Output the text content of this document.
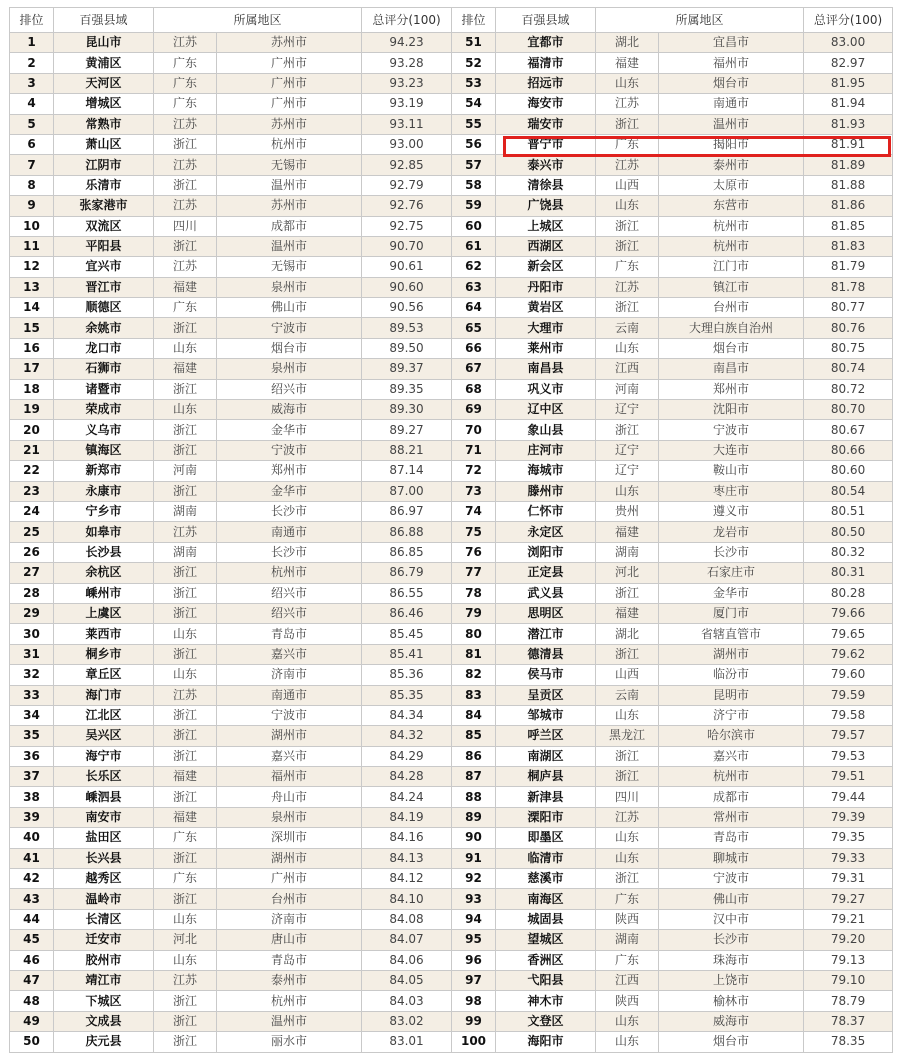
排位	百强县域	所属地区		总评分(100)	排位	百强县域	所属地区		总评分(100)
1	昆山市	江苏	苏州市	94.23	51	宜都市	湖北	宜昌市	83.00
2	黄浦区	广东	广州市	93.28	52	福清市	福建	福州市	82.97
3	天河区	广东	广州市	93.23	53	招远市	山东	烟台市	81.95
4	增城区	广东	广州市	93.19	54	海安市	江苏	南通市	81.94
5	常熟市	江苏	苏州市	93.11	55	瑞安市	浙江	温州市	81.93
6	萧山区	浙江	杭州市	93.00	56	普宁市	广东	揭阳市	81.91
7	江阴市	江苏	无锡市	92.85	57	泰兴市	江苏	泰州市	81.89
8	乐清市	浙江	温州市	92.79	58	清徐县	山西	太原市	81.88
9	张家港市	江苏	苏州市	92.76	59	广饶县	山东	东营市	81.86
10	双流区	四川	成都市	92.75	60	上城区	浙江	杭州市	81.85
11	平阳县	浙江	温州市	90.70	61	西湖区	浙江	杭州市	81.83
12	宜兴市	江苏	无锡市	90.61	62	新会区	广东	江门市	81.79
13	晋江市	福建	泉州市	90.60	63	丹阳市	江苏	镇江市	81.78
14	顺德区	广东	佛山市	90.56	64	黄岩区	浙江	台州市	80.77
15	余姚市	浙江	宁波市	89.53	65	大理市	云南	大理白族自治州	80.76
16	龙口市	山东	烟台市	89.50	66	莱州市	山东	烟台市	80.75
17	石狮市	福建	泉州市	89.37	67	南昌县	江西	南昌市	80.74
18	诸暨市	浙江	绍兴市	89.35	68	巩义市	河南	郑州市	80.72
19	荣成市	山东	威海市	89.30	69	辽中区	辽宁	沈阳市	80.70
20	义乌市	浙江	金华市	89.27	70	象山县	浙江	宁波市	80.67
21	镇海区	浙江	宁波市	88.21	71	庄河市	辽宁	大连市	80.66
22	新郑市	河南	郑州市	87.14	72	海城市	辽宁	鞍山市	80.60
23	永康市	浙江	金华市	87.00	73	滕州市	山东	枣庄市	80.54
24	宁乡市	湖南	长沙市	86.97	74	仁怀市	贵州	遵义市	80.51
25	如皋市	江苏	南通市	86.88	75	永定区	福建	龙岩市	80.50
26	长沙县	湖南	长沙市	86.85	76	浏阳市	湖南	长沙市	80.32
27	余杭区	浙江	杭州市	86.79	77	正定县	河北	石家庄市	80.31
28	嵊州市	浙江	绍兴市	86.55	78	武义县	浙江	金华市	80.28
29	上虞区	浙江	绍兴市	86.46	79	思明区	福建	厦门市	79.66
30	莱西市	山东	青岛市	85.45	80	潜江市	湖北	省辖直管市	79.65
31	桐乡市	浙江	嘉兴市	85.41	81	德清县	浙江	湖州市	79.62
32	章丘区	山东	济南市	85.36	82	侯马市	山西	临汾市	79.60
33	海门市	江苏	南通市	85.35	83	呈贡区	云南	昆明市	79.59
34	江北区	浙江	宁波市	84.34	84	邹城市	山东	济宁市	79.58
35	吴兴区	浙江	湖州市	84.32	85	呼兰区	黑龙江	哈尔滨市	79.57
36	海宁市	浙江	嘉兴市	84.29	86	南湖区	浙江	嘉兴市	79.53
37	长乐区	福建	福州市	84.28	87	桐庐县	浙江	杭州市	79.51
38	嵊泗县	浙江	舟山市	84.24	88	新津县	四川	成都市	79.44
39	南安市	福建	泉州市	84.19	89	溧阳市	江苏	常州市	79.39
40	盐田区	广东	深圳市	84.16	90	即墨区	山东	青岛市	79.35
41	长兴县	浙江	湖州市	84.13	91	临清市	山东	聊城市	79.33
42	越秀区	广东	广州市	84.12	92	慈溪市	浙江	宁波市	79.31
43	温岭市	浙江	台州市	84.10	93	南海区	广东	佛山市	79.27
44	长清区	山东	济南市	84.08	94	城固县	陕西	汉中市	79.21
45	迁安市	河北	唐山市	84.07	95	望城区	湖南	长沙市	79.20
46	胶州市	山东	青岛市	84.06	96	香洲区	广东	珠海市	79.13
47	靖江市	江苏	泰州市	84.05	97	弋阳县	江西	上饶市	79.10
48	下城区	浙江	杭州市	84.03	98	神木市	陕西	榆林市	78.79
49	文成县	浙江	温州市	83.02	99	文登区	山东	威海市	78.37
50	庆元县	浙江	丽水市	83.01	100	海阳市	山东	烟台市	78.35
